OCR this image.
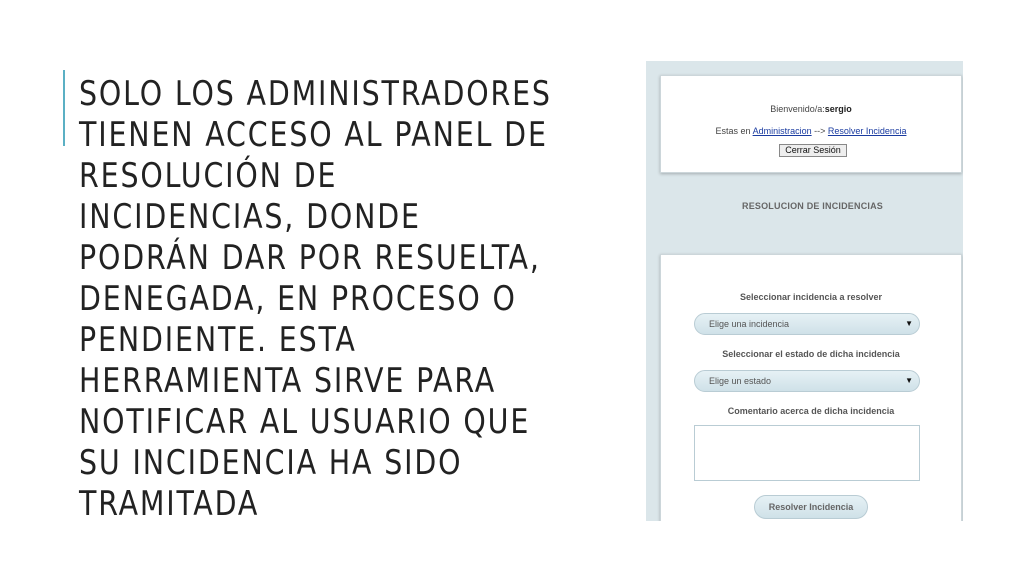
SOLO LOS ADMINISTRADORES TIENEN ACCESO AL PANEL DE RESOLUCIÓN DE INCIDENCIAS, DONDE PODRÁN DAR POR RESUELTA, DENEGADA, EN PROCESO O PENDIENTE. ESTA HERRAMIENTA SIRVE PARA NOTIFICAR AL USUARIO QUE SU INCIDENCIA HA SIDO TRAMITADA

Bienvenido/a:sergio
Estas en Administracion --> Resolver Incidencia
Cerrar Sesión
RESOLUCION DE INCIDENCIAS
Seleccionar incidencia a resolver
Elige una incidencia	▼
Seleccionar el estado de dicha incidencia
Elige un estado	▼
Comentario acerca de dicha incidencia
Resolver Incidencia
